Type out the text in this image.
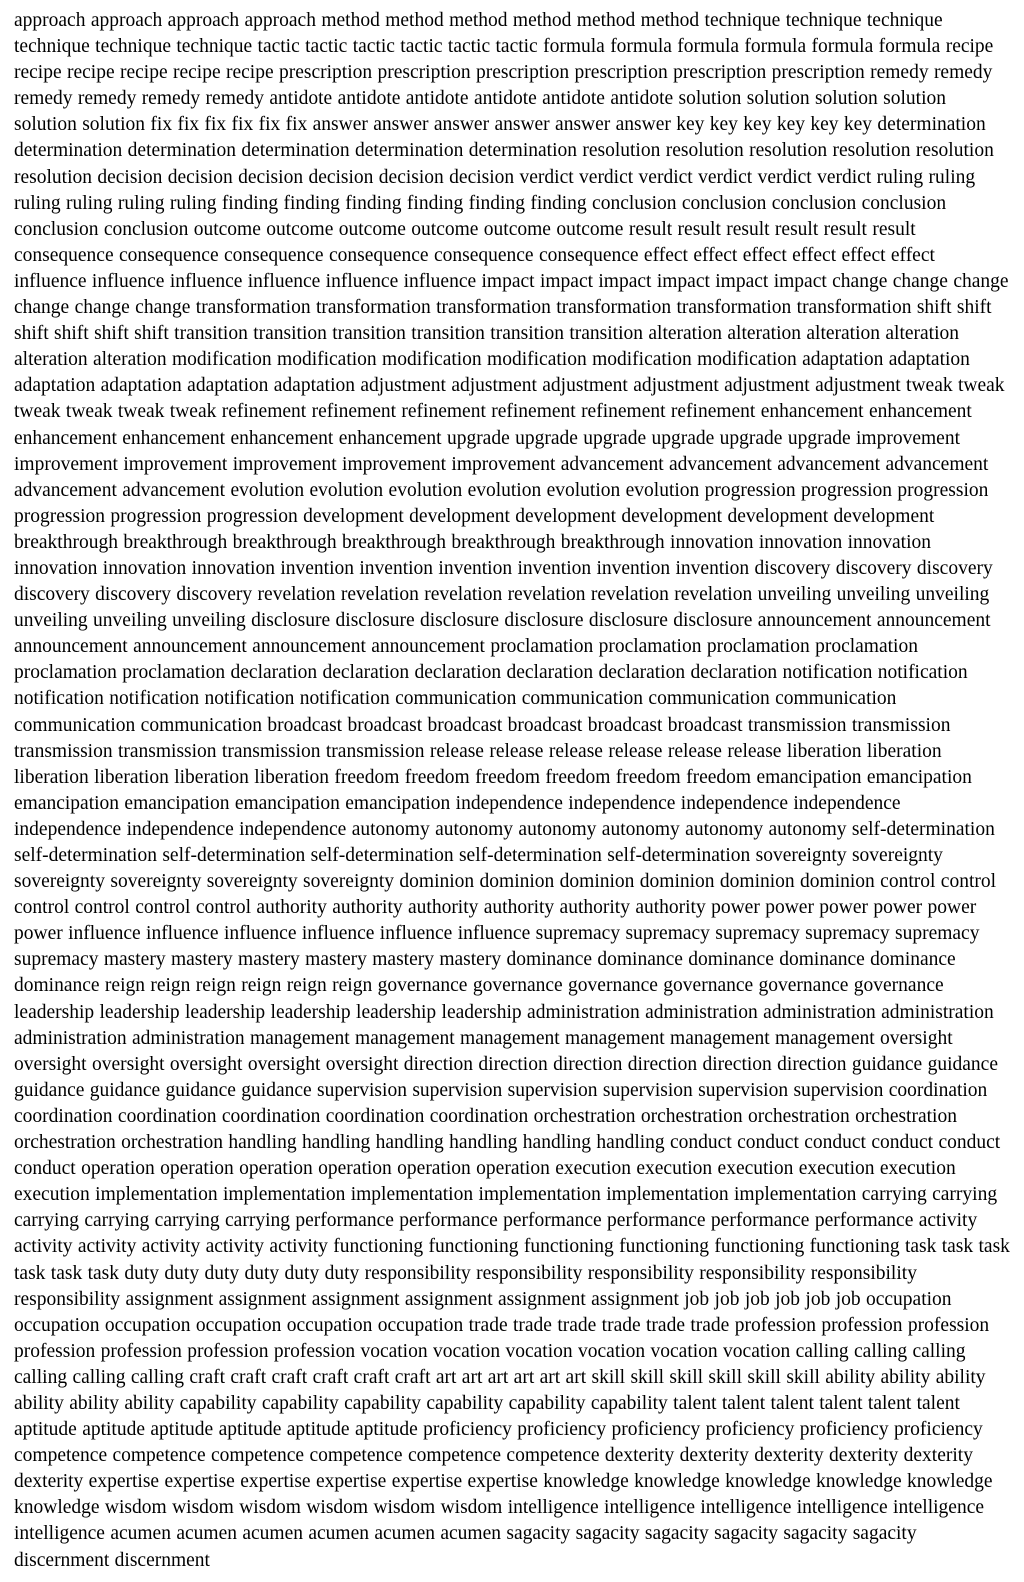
approach approach approach approach method method method method method method technique technique technique technique technique technique tactic tactic tactic tactic tactic tactic formula formula formula formula formula formula recipe recipe recipe recipe recipe recipe prescription prescription prescription prescription prescription prescription remedy remedy remedy remedy remedy remedy antidote antidote antidote antidote antidote antidote solution solution solution solution solution solution fix fix fix fix fix fix answer answer answer answer answer answer key key key key key key determination determination determination determination determination determination resolution resolution resolution resolution resolution resolution decision decision decision decision decision decision verdict verdict verdict verdict verdict verdict ruling ruling ruling ruling ruling ruling finding finding finding finding finding finding conclusion conclusion conclusion conclusion conclusion conclusion outcome outcome outcome outcome outcome outcome result result result result result result consequence consequence consequence consequence consequence consequence effect effect effect effect effect effect influence influence influence influence influence influence impact impact impact impact impact impact change change change change change change transformation transformation transformation transformation transformation transformation shift shift shift shift shift shift transition transition transition transition transition transition alteration alteration alteration alteration alteration alteration modification modification modification modification modification modification adaptation adaptation adaptation adaptation adaptation adaptation adjustment adjustment adjustment adjustment adjustment adjustment tweak tweak tweak tweak tweak tweak refinement refinement refinement refinement refinement refinement enhancement enhancement enhancement enhancement enhancement enhancement upgrade upgrade upgrade upgrade upgrade upgrade improvement improvement improvement improvement improvement improvement advancement advancement advancement advancement advancement advancement evolution evolution evolution evolution evolution evolution progression progression progression progression progression progression development development development development development development breakthrough breakthrough breakthrough breakthrough breakthrough breakthrough innovation innovation innovation innovation innovation innovation invention invention invention invention invention invention discovery discovery discovery discovery discovery discovery revelation revelation revelation revelation revelation revelation unveiling unveiling unveiling unveiling unveiling unveiling disclosure disclosure disclosure disclosure disclosure disclosure announcement announcement announcement announcement announcement announcement proclamation proclamation proclamation proclamation proclamation proclamation declaration declaration declaration declaration declaration declaration notification notification notification notification notification notification communication communication communication communication communication communication broadcast broadcast broadcast broadcast broadcast broadcast transmission transmission transmission transmission transmission transmission release release release release release release liberation liberation liberation liberation liberation liberation freedom freedom freedom freedom freedom freedom emancipation emancipation emancipation emancipation emancipation emancipation independence independence independence independence independence independence independence autonomy autonomy autonomy autonomy autonomy autonomy self-determination self-determination self-determination self-determination self-determination self-determination sovereignty sovereignty sovereignty sovereignty sovereignty sovereignty dominion dominion dominion dominion dominion dominion control control control control control control authority authority authority authority authority authority power power power power power power influence influence influence influence influence influence supremacy supremacy supremacy supremacy supremacy supremacy mastery mastery mastery mastery mastery mastery dominance dominance dominance dominance dominance dominance reign reign reign reign reign reign governance governance governance governance governance governance leadership leadership leadership leadership leadership leadership administration administration administration administration administration administration management management management management management management oversight oversight oversight oversight oversight oversight direction direction direction direction direction direction guidance guidance guidance guidance guidance guidance supervision supervision supervision supervision supervision supervision coordination coordination coordination coordination coordination coordination orchestration orchestration orchestration orchestration orchestration orchestration handling handling handling handling handling handling conduct conduct conduct conduct conduct conduct operation operation operation operation operation operation execution execution execution execution execution execution implementation implementation implementation implementation implementation implementation carrying carrying carrying carrying carrying carrying performance performance performance performance performance performance activity activity activity activity activity activity functioning functioning functioning functioning functioning functioning task task task task task task duty duty duty duty duty duty responsibility responsibility responsibility responsibility responsibility responsibility assignment assignment assignment assignment assignment assignment job job job job job job occupation occupation occupation occupation occupation occupation trade trade trade trade trade trade profession profession profession profession profession profession profession vocation vocation vocation vocation vocation vocation calling calling calling calling calling calling craft craft craft craft craft craft art art art art art art skill skill skill skill skill skill ability ability ability ability ability ability capability capability capability capability capability capability talent talent talent talent talent talent aptitude aptitude aptitude aptitude aptitude aptitude proficiency proficiency proficiency proficiency proficiency proficiency competence competence competence competence competence competence dexterity dexterity dexterity dexterity dexterity dexterity expertise expertise expertise expertise expertise expertise knowledge knowledge knowledge knowledge knowledge knowledge wisdom wisdom wisdom wisdom wisdom wisdom intelligence intelligence intelligence intelligence intelligence intelligence acumen acumen acumen acumen acumen acumen sagacity sagacity sagacity sagacity sagacity sagacity discernment discernment
